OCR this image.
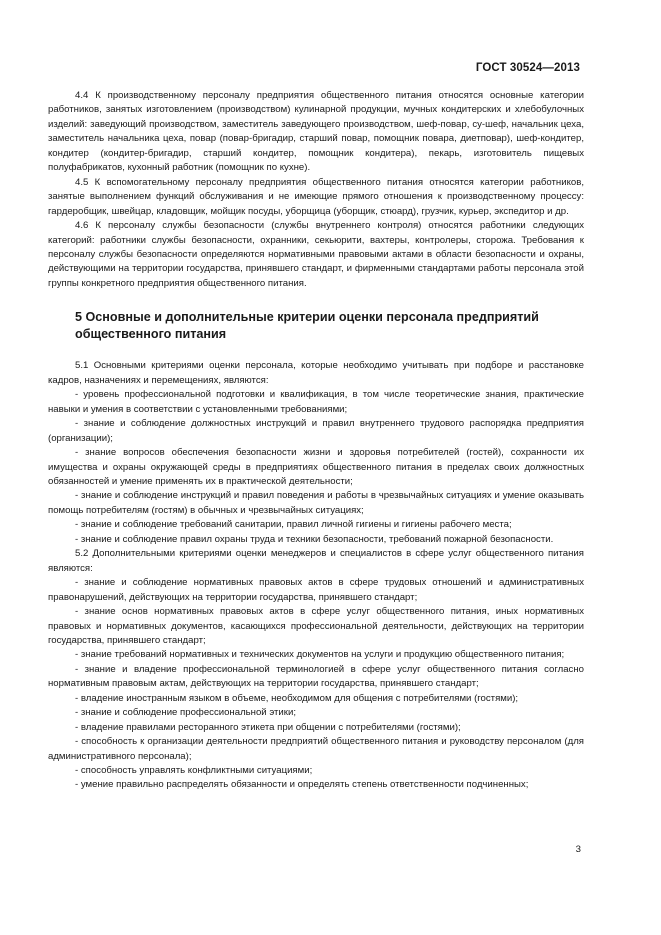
ГОСТ 30524—2013

4.4 К производственному персоналу предприятия общественного питания относятся основные категории работников, занятых изготовлением (производством) кулинарной продукции, мучных кондитерских и хлебобулочных изделий: заведующий производством, заместитель заведующего производством, шеф-повар, су-шеф, начальник цеха, заместитель начальника цеха, повар (повар-бригадир, старший повар, помощник повара, диетповар), шеф-кондитер, кондитер (кондитер-бригадир, старший кондитер, помощник кондитера), пекарь, изготовитель пищевых полуфабрикатов, кухонный работник (помощник по кухне).

4.5 К вспомогательному персоналу предприятия общественного питания относятся категории работников, занятые выполнением функций обслуживания и не имеющие прямого отношения к производственному процессу: гардеробщик, швейцар, кладовщик, мойщик посуды, уборщица (уборщик, стюард), грузчик, курьер, экспедитор и др.

4.6 К персоналу службы безопасности (службы внутреннего контроля) относятся работники следующих категорий: работники службы безопасности, охранники, секьюрити, вахтеры, контролеры, сторожа. Требования к персоналу службы безопасности определяются нормативными правовыми актами в области безопасности и охраны, действующими на территории государства, принявшего стандарт, и фирменными стандартами работы персонала этой группы конкретного предприятия общественного питания.

5 Основные и дополнительные критерии оценки персонала предприятий общественного питания

5.1 Основными критериями оценки персонала, которые необходимо учитывать при подборе и расстановке кадров, назначениях и перемещениях, являются:

- уровень профессиональной подготовки и квалификация, в том числе теоретические знания, практические навыки и умения в соответствии с установленными требованиями;

- знание и соблюдение должностных инструкций и правил внутреннего трудового распорядка предприятия (организации);

- знание вопросов обеспечения безопасности жизни и здоровья потребителей (гостей), сохранности их имущества и охраны окружающей среды в предприятиях общественного питания в пределах своих должностных обязанностей и умение применять их в практической деятельности;

- знание и соблюдение инструкций и правил поведения и работы в чрезвычайных ситуациях и умение оказывать помощь потребителям (гостям) в обычных и чрезвычайных ситуациях;

- знание и соблюдение требований санитарии, правил личной гигиены и гигиены рабочего места;

- знание и соблюдение правил охраны труда и техники безопасности, требований пожарной безопасности.

5.2 Дополнительными критериями оценки менеджеров и специалистов в сфере услуг общественного питания являются:

- знание и соблюдение нормативных правовых актов в сфере трудовых отношений и административных правонарушений, действующих на территории государства, принявшего стандарт;

- знание основ нормативных правовых актов в сфере услуг общественного питания, иных нормативных правовых и нормативных документов, касающихся профессиональной деятельности, действующих на территории государства, принявшего стандарт;

- знание требований нормативных и технических документов на услуги и продукцию общественного питания;

- знание и владение профессиональной терминологией в сфере услуг общественного питания согласно нормативным правовым актам, действующих на территории государства, принявшего стандарт;

- владение иностранным языком в объеме, необходимом для общения с потребителями (гостями);

- знание и соблюдение профессиональной этики;

- владение правилами ресторанного этикета при общении с потребителями (гостями);

- способность к организации деятельности предприятий общественного питания и руководству персоналом (для административного персонала);

- способность управлять конфликтными ситуациями;

- умение правильно распределять обязанности и определять степень ответственности подчиненных;

3
